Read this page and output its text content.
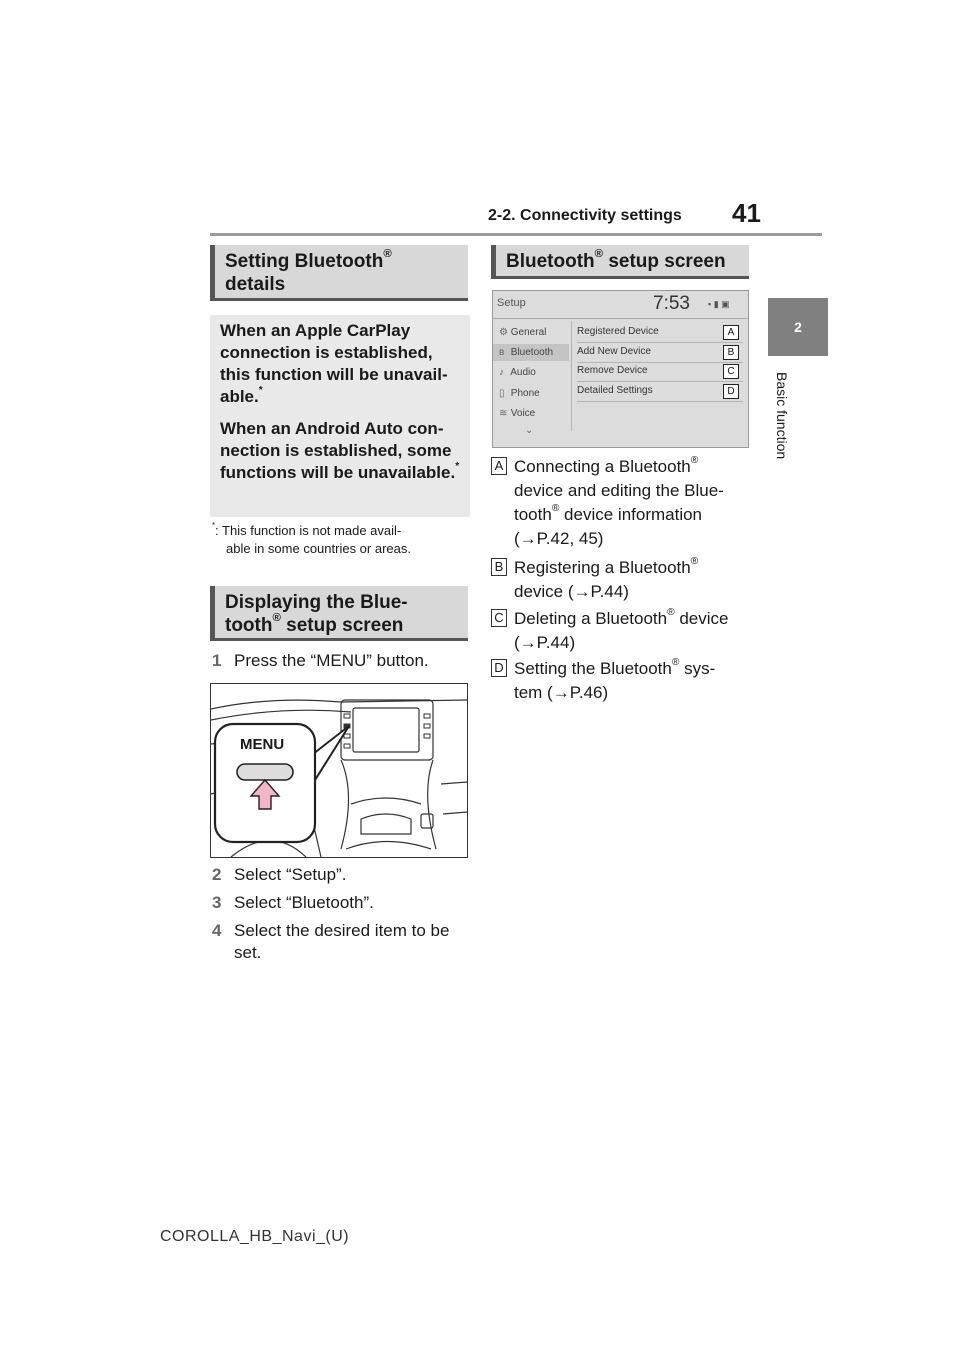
2-2. Connectivity settings 41
2
Basic function
Setting Bluetooth®
details

When an Apple CarPlay connection is established, this function will be unavail-able.*

When an Android Auto con-nection is established, some functions will be unavailable.*

*: This function is not made avail-
able in some countries or areas.
Displaying the Blue-
tooth® setup screen
1 Press the “MENU” button.
MENU
2 Select “Setup”.
3 Select “Bluetooth”.
4 Select the desired item to be set.
Bluetooth® setup screen
Setup	7:53 ▪ ▮ ▣
⚙ General
ʙ Bluetooth
♪ Audio
▯ Phone
≋ Voice
⌄
Registered Device	A
Add New Device	B
Remove Device	C
Detailed Settings	D
A Connecting a Bluetooth®
device and editing the Blue-
tooth® device information
(→P.42, 45)
B Registering a Bluetooth®
device (→P.44)
C Deleting a Bluetooth® device
(→P.44)
D Setting the Bluetooth® sys-
tem (→P.46)
COROLLA_HB_Navi_(U)
